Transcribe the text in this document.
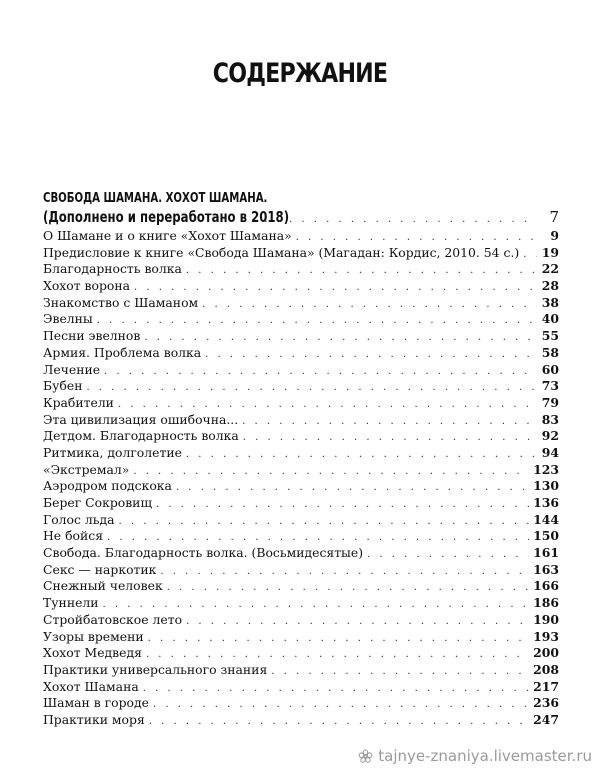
СОДЕРЖАНИЕ
СВОБОДА ШАМАНА. ХОХОТ ШАМАНА.
(Дополнено и переработано в 2018) . . .	7
О Шамане и о книге «Хохот Шамана» . . .	9
Предисловие к книге «Свобода Шамана» (Магадан: Кордис, 2010. 54 с.) . . . 19
Благодарность волка . . .	22
Хохот ворона . . .	28
Знакомство с Шаманом . . .	38
Эвелны . . .	40
Песни эвелнов . . .	55
Армия. Проблема волка . . .	58
Лечение . . .	60
Бубен . . .	73
Крабители . . .	79
Эта цивилизация ошибочна... . . .	83
Детдом. Благодарность волка . . .	92
Ритмика, долголетие . . .	94
«Экстремал» . . .	123
Аэродром подскока . . .	130
Берег Сокровищ . . .	136
Голос льда . . .	144
Не бойся . . .	150
Свобода. Благодарность волка. (Восьмидесятые) . . .	161
Секс — наркотик . . .	163
Снежный человек . . .	166
Туннели . . .	186
Стройбатовское лето . . .	190
Узоры времени . . .	193
Хохот Медведя . . .	200
Практики универсального знания . . .	208
Хохот Шамана . . .	217
Шаман в городе . . .	236
Практики моря . . .	247
tajnye-znaniya.livemaster.ru
